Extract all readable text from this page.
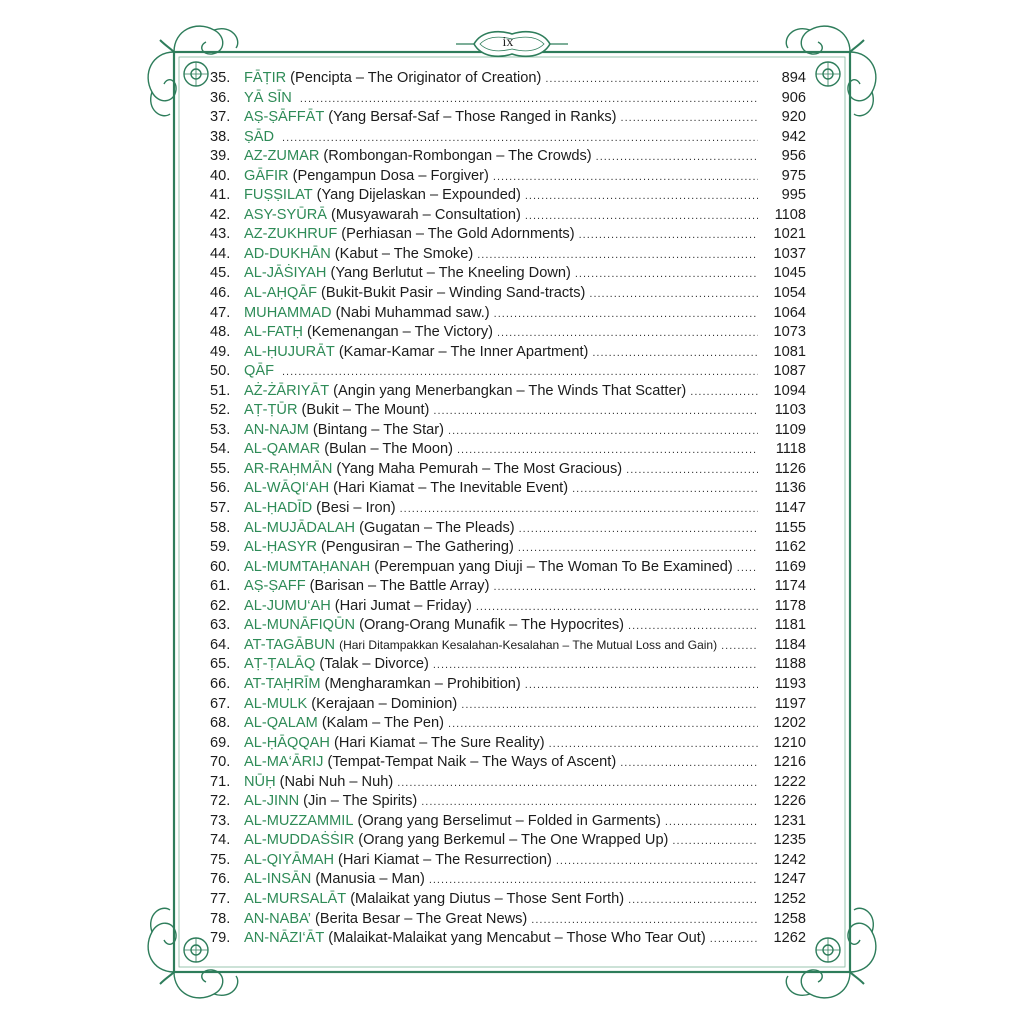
ix
35. FĀṬIR (Pencipta – The Originator of Creation) .....	894
36. YĀ SĪN .....	906
37. AṢ-ṢĀFFĀT (Yang Bersaf-Saf – Those Ranged in Ranks) .....	920
38. ṢĀD .....	942
39. AZ-ZUMAR (Rombongan-Rombongan – The Crowds) .....	956
40. GĀFIR (Pengampun Dosa – Forgiver) .....	975
41. FUṢṢILAT (Yang Dijelaskan – Expounded) .....	995
42. ASY-SYŪRĀ (Musyawarah – Consultation) .....	1108
43. AZ-ZUKHRUF (Perhiasan – The Gold Adornments) .....	1021
44. AD-DUKHĀN (Kabut – The Smoke) .....	1037
45. AL-JĀṠIYAH (Yang Berlutut – The Kneeling Down) .....	1045
46. AL-AḤQĀF (Bukit-Bukit Pasir – Winding Sand-tracts) .....	1054
47. MUHAMMAD (Nabi Muhammad saw.) .....	1064
48. AL-FATḤ (Kemenangan – The Victory) .....	1073
49. AL-ḤUJURĀT (Kamar-Kamar – The Inner Apartment) .....	1081
50. QĀF .....	1087
51. AŻ-ŻĀRIYĀT (Angin yang Menerbangkan – The Winds That Scatter) .....	1094
52. AṬ-ṬŪR (Bukit – The Mount) .....	1103
53. AN-NAJM (Bintang – The Star) .....	1109
54. AL-QAMAR (Bulan – The Moon) .....	1118
55. AR-RAḤMĀN (Yang Maha Pemurah – The Most Gracious) .....	1126
56. AL-WĀQI‘AH (Hari Kiamat – The Inevitable Event) .....	1136
57. AL-ḤADĪD (Besi – Iron) .....	1147
58. AL-MUJĀDALAH (Gugatan – The Pleads) .....	1155
59. AL-ḤASYR (Pengusiran – The Gathering) .....	1162
60. AL-MUMTAḤANAH (Perempuan yang Diuji – The Woman To Be Examined) .....	1169
61. AṢ-ṢAFF (Barisan – The Battle Array) .....	1174
62. AL-JUMU‘AH (Hari Jumat – Friday) .....	1178
63. AL-MUNĀFIQŪN (Orang-Orang Munafik – The Hypocrites) .....	1181
64. AT-TAGĀBUN (Hari Ditampakkan Kesalahan-Kesalahan – The Mutual Loss and Gain) .....	1184
65. AṬ-ṬALĀQ (Talak – Divorce) .....	1188
66. AT-TAḤRĪM (Mengharamkan – Prohibition) .....	1193
67. AL-MULK (Kerajaan – Dominion) .....	1197
68. AL-QALAM (Kalam – The Pen) .....	1202
69. AL-ḤĀQQAH (Hari Kiamat – The Sure Reality) .....	1210
70. AL-MA‘ĀRIJ (Tempat-Tempat Naik – The Ways of Ascent) .....	1216
71. NŪḤ (Nabi Nuh – Nuh) .....	1222
72. AL-JINN (Jin – The Spirits) .....	1226
73. AL-MUZZAMMIL (Orang yang Berselimut – Folded in Garments) .....	1231
74. AL-MUDDAṠṠIR (Orang yang Berkemul – The One Wrapped Up) .....	1235
75. AL-QIYĀMAH (Hari Kiamat – The Resurrection) .....	1242
76. AL-INSĀN (Manusia – Man) .....	1247
77. AL-MURSALĀT (Malaikat yang Diutus – Those Sent Forth) .....	1252
78. AN-NABA’ (Berita Besar – The Great News) .....	1258
79. AN-NĀZI‘ĀT (Malaikat-Malaikat yang Mencabut – Those Who Tear Out) .....	1262
